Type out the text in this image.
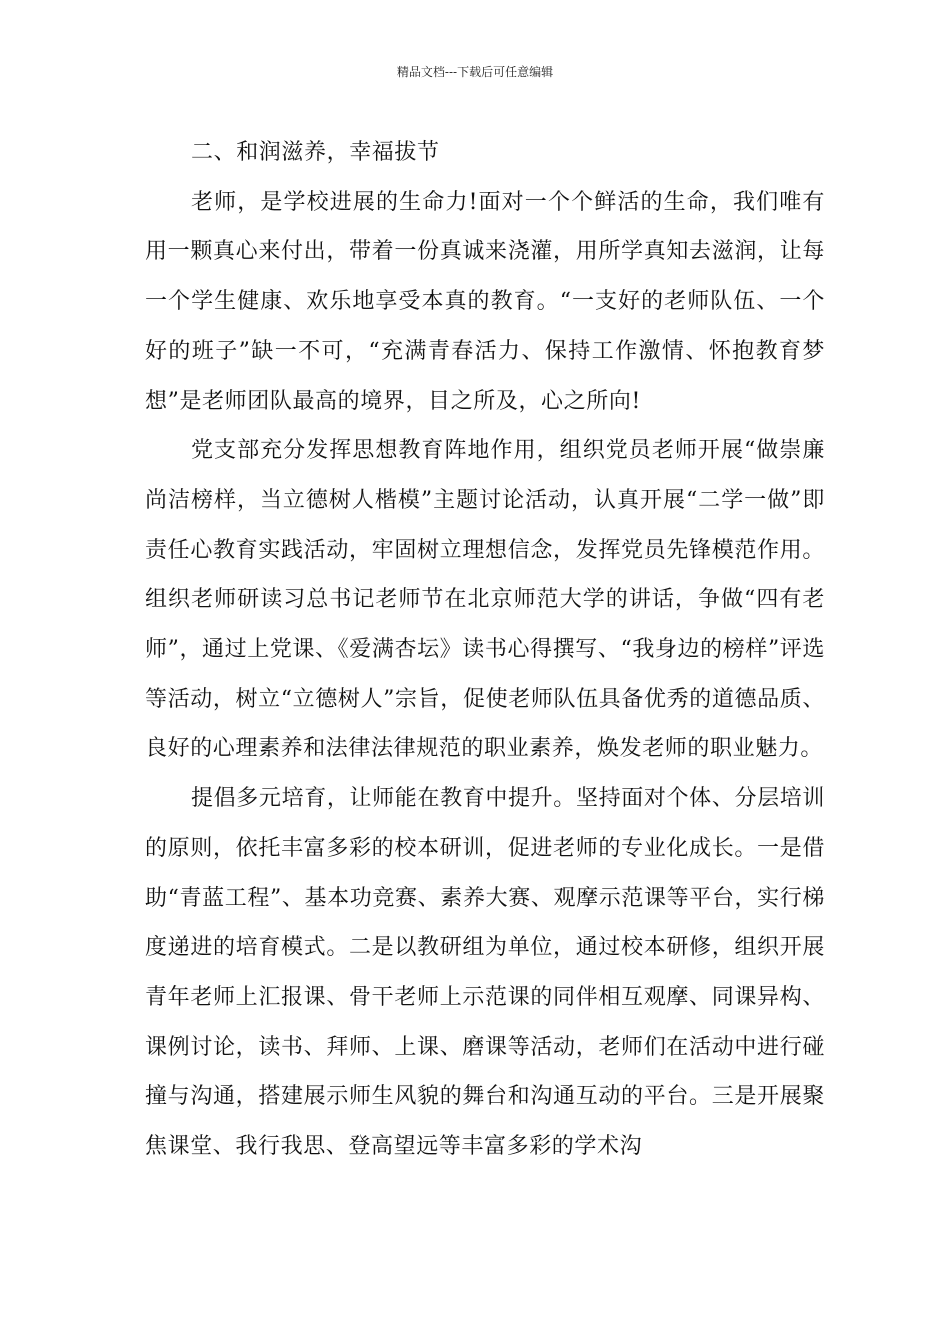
精品文档---下载后可任意编辑

二、和润滋养，幸福拔节

老师，是学校进展的生命力!面对一个个鲜活的生命，我们唯有用一颗真心来付出，带着一份真诚来浇灌，用所学真知去滋润，让每一个学生健康、欢乐地享受本真的教育。“一支好的老师队伍、一个好的班子”缺一不可，“充满青春活力、保持工作激情、怀抱教育梦想”是老师团队最高的境界，目之所及，心之所向!

党支部充分发挥思想教育阵地作用，组织党员老师开展“做崇廉尚洁榜样，当立德树人楷模”主题讨论活动，认真开展“二学一做”即责任心教育实践活动，牢固树立理想信念，发挥党员先锋模范作用。组织老师研读习总书记老师节在北京师范大学的讲话，争做“四有老师”，通过上党课、《爱满杏坛》读书心得撰写、“我身边的榜样”评选等活动，树立“立德树人”宗旨，促使老师队伍具备优秀的道德品质、良好的心理素养和法律法律规范的职业素养，焕发老师的职业魅力。

提倡多元培育，让师能在教育中提升。坚持面对个体、分层培训的原则，依托丰富多彩的校本研训，促进老师的专业化成长。一是借助“青蓝工程”、基本功竞赛、素养大赛、观摩示范课等平台，实行梯度递进的培育模式。二是以教研组为单位，通过校本研修，组织开展青年老师上汇报课、骨干老师上示范课的同伴相互观摩、同课异构、课例讨论，读书、拜师、上课、磨课等活动，老师们在活动中进行碰撞与沟通，搭建展示师生风貌的舞台和沟通互动的平台。三是开展聚焦课堂、我行我思、登高望远等丰富多彩的学术沟
